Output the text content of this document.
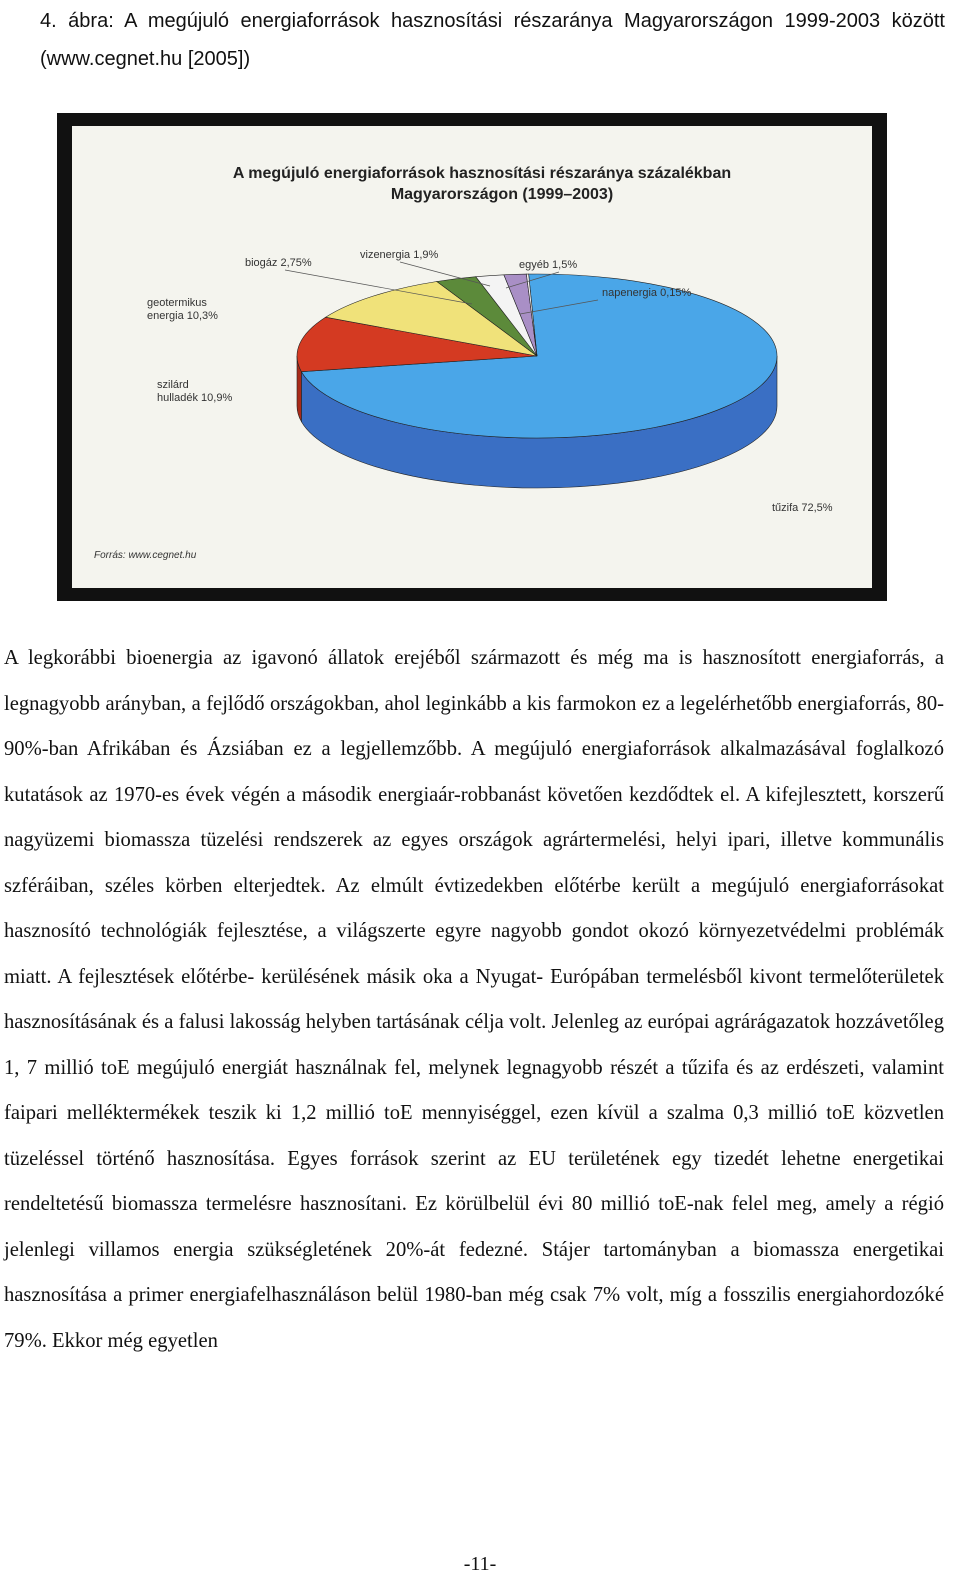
4. ábra: A megújuló energiaforrások hasznosítási részaránya Magyarországon 1999-2003 között (www.cegnet.hu [2005])
A megújuló energiaforrások hasznosítási részaránya százalékban
Magyarországon (1999–2003)
tűzifa 72,5%
szilárd hulladék 10,9%
geotermikus energia 10,3%
biogáz 2,75%
vizenergia 1,9%
egyéb 1,5%
napenergia 0,15%
Forrás: www.cegnet.hu
A legkorábbi bioenergia az igavonó állatok erejéből származott és még ma is hasznosított energiaforrás, a legnagyobb arányban, a fejlődő országokban, ahol leginkább a kis farmokon ez a legelérhetőbb energiaforrás, 80-90%-ban Afrikában és Ázsiában ez a legjellemzőbb. A megújuló energiaforrások alkalmazásával foglalkozó kutatások az 1970-es évek végén a második energiaár-robbanást követően kezdődtek el. A kifejlesztett, korszerű nagyüzemi biomassza tüzelési rendszerek az egyes országok agrártermelési, helyi ipari, illetve kommunális szféráiban, széles körben elterjedtek. Az elmúlt évtizedekben előtérbe került a megújuló energiaforrásokat hasznosító technológiák fejlesztése, a világszerte egyre nagyobb gondot okozó környezetvédelmi problémák miatt. A fejlesztések előtérbe- kerülésének másik oka a Nyugat- Európában termelésből kivont termelőterületek hasznosításának és a falusi lakosság helyben tartásának célja volt. Jelenleg az európai agrárágazatok hozzávetőleg 1, 7 millió toE megújuló energiát használnak fel, melynek legnagyobb részét a tűzifa és az erdészeti, valamint faipari melléktermékek teszik ki 1,2 millió toE mennyiséggel, ezen kívül a szalma 0,3 millió toE közvetlen tüzeléssel történő hasznosítása. Egyes források szerint az EU területének egy tizedét lehetne energetikai rendeltetésű biomassza termelésre hasznosítani. Ez körülbelül évi 80 millió toE-nak felel meg, amely a régió jelenlegi villamos energia szükségletének 20%-át fedezné. Stájer tartományban a biomassza energetikai hasznosítása a primer energiafelhasználáson belül 1980-ban még csak 7% volt, míg a fosszilis energiahordozóké 79%. Ekkor még egyetlen
-11-
